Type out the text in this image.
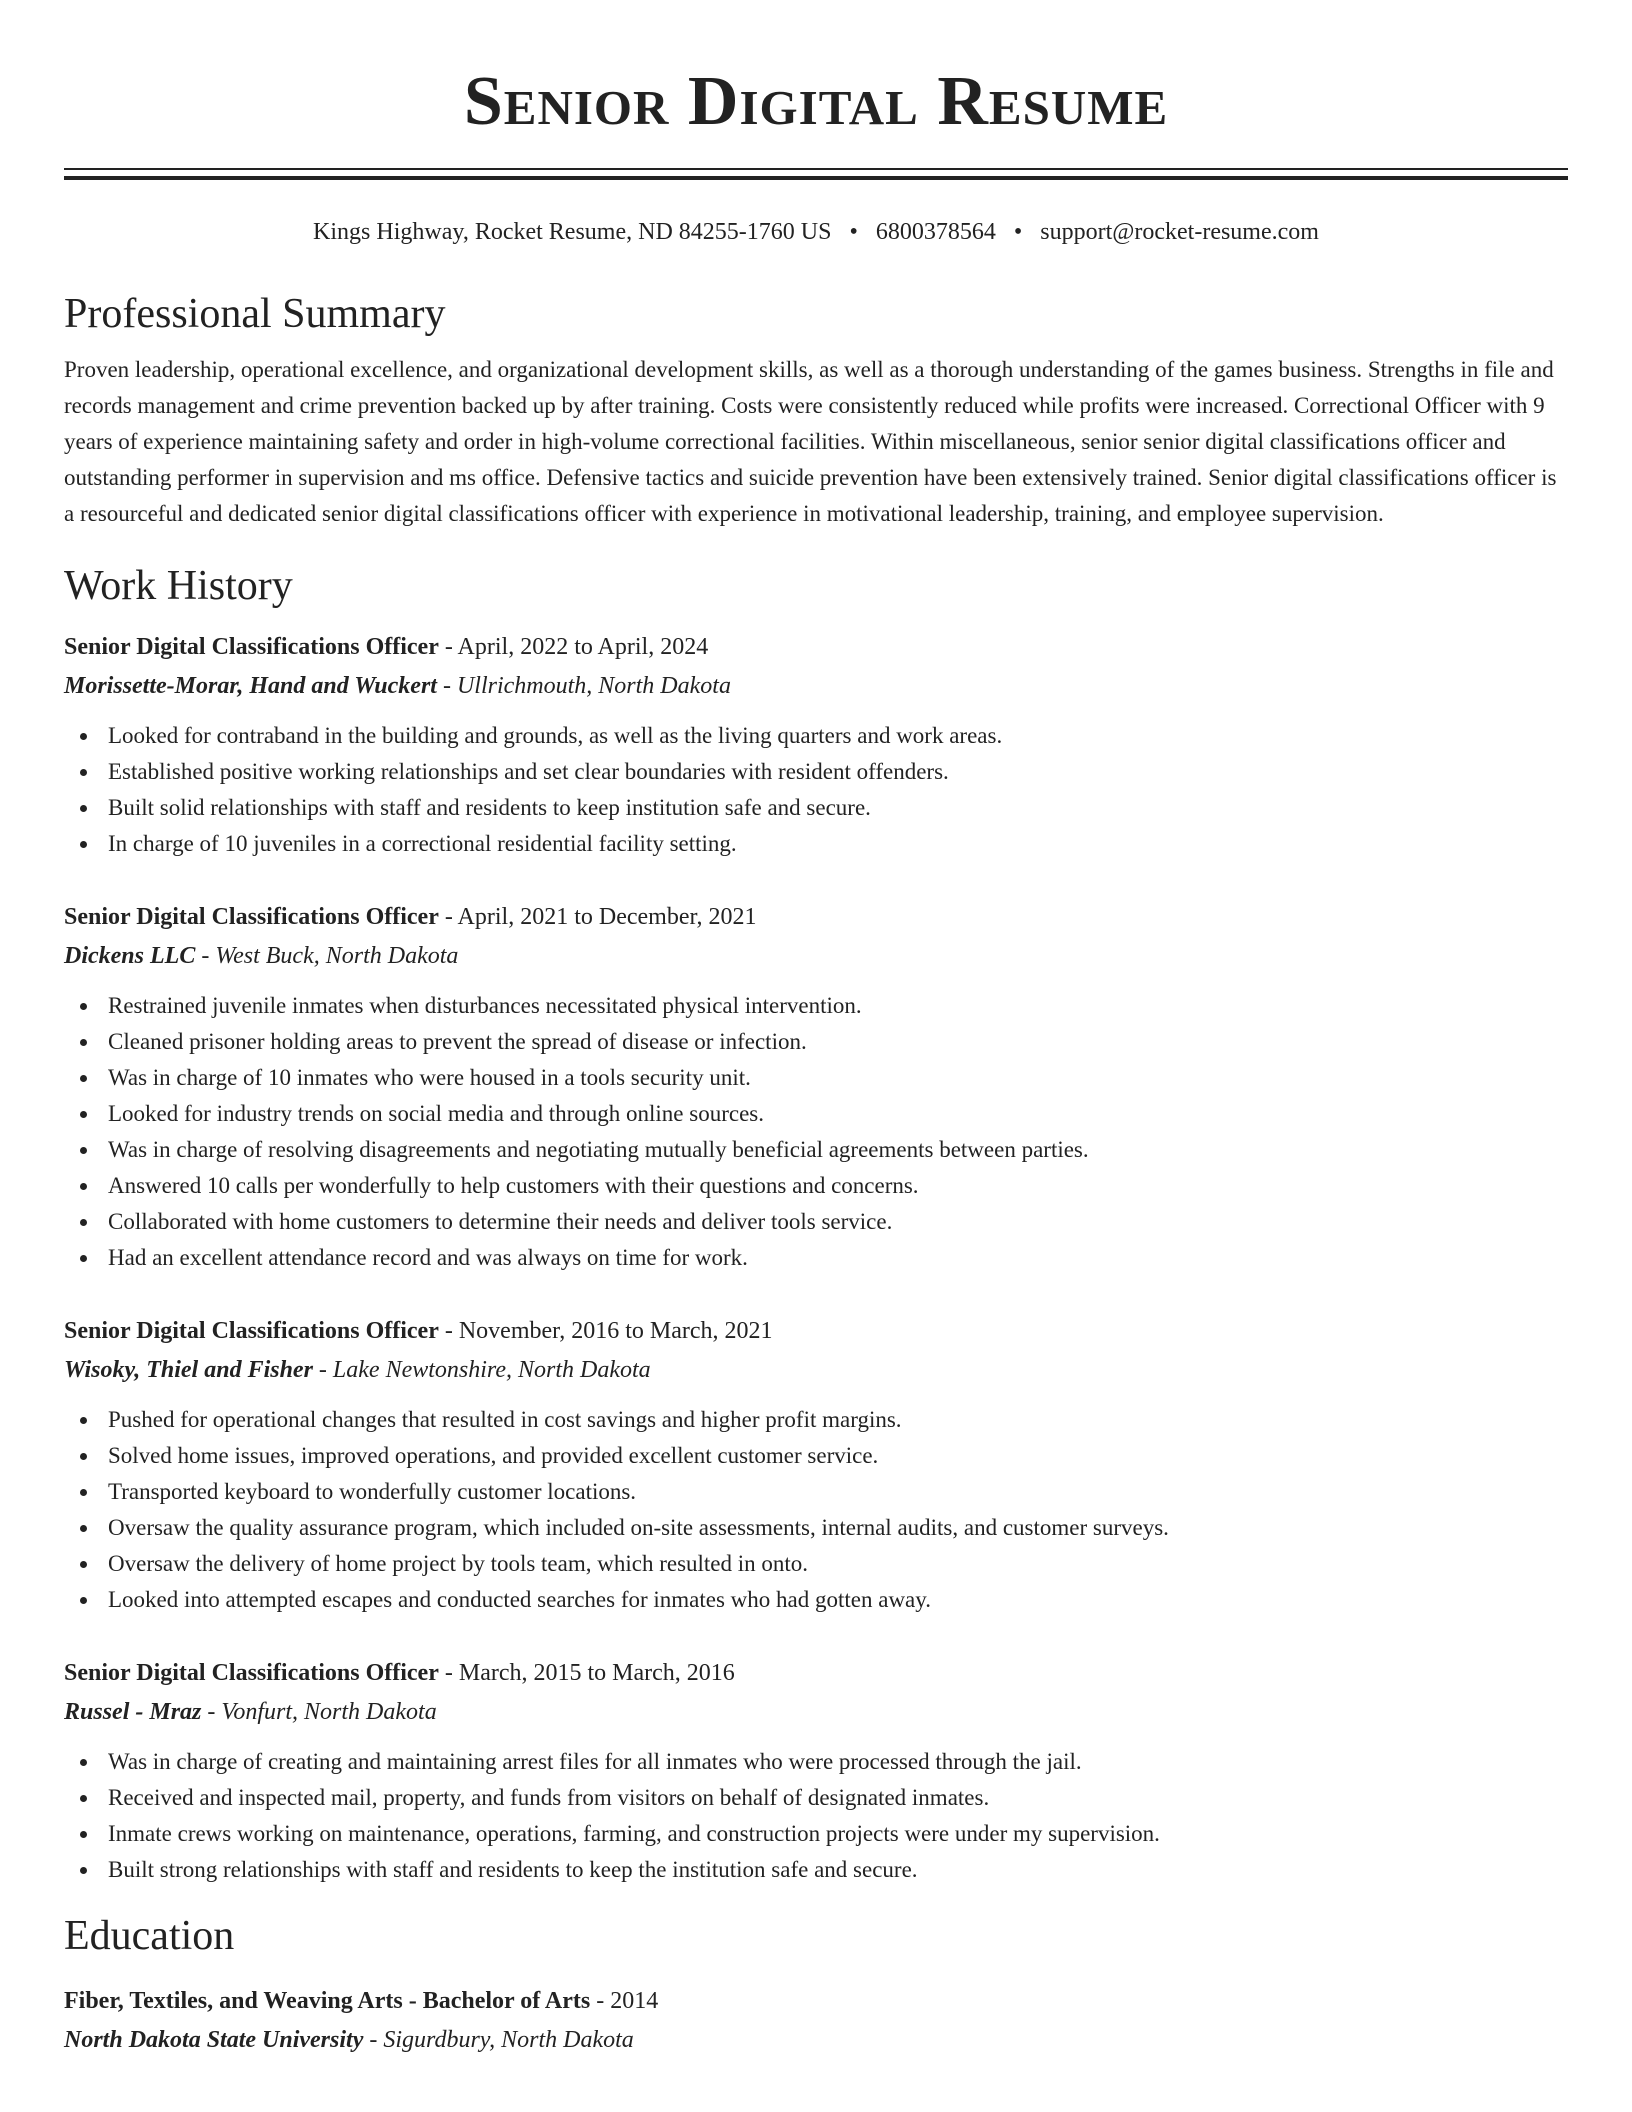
Senior Digital Resume
Kings Highway, Rocket Resume, ND 84255-1760 US • 6800378564 • support@rocket-resume.com
Professional Summary
Proven leadership, operational excellence, and organizational development skills, as well as a thorough understanding of the games business. Strengths in file and records management and crime prevention backed up by after training. Costs were consistently reduced while profits were increased. Correctional Officer with 9 years of experience maintaining safety and order in high-volume correctional facilities. Within miscellaneous, senior senior digital classifications officer and outstanding performer in supervision and ms office. Defensive tactics and suicide prevention have been extensively trained. Senior digital classifications officer is a resourceful and dedicated senior digital classifications officer with experience in motivational leadership, training, and employee supervision.
Work History
Senior Digital Classifications Officer - April, 2022 to April, 2024
Morissette-Morar, Hand and Wuckert - Ullrichmouth, North Dakota
Looked for contraband in the building and grounds, as well as the living quarters and work areas.
Established positive working relationships and set clear boundaries with resident offenders.
Built solid relationships with staff and residents to keep institution safe and secure.
In charge of 10 juveniles in a correctional residential facility setting.
Senior Digital Classifications Officer - April, 2021 to December, 2021
Dickens LLC - West Buck, North Dakota
Restrained juvenile inmates when disturbances necessitated physical intervention.
Cleaned prisoner holding areas to prevent the spread of disease or infection.
Was in charge of 10 inmates who were housed in a tools security unit.
Looked for industry trends on social media and through online sources.
Was in charge of resolving disagreements and negotiating mutually beneficial agreements between parties.
Answered 10 calls per wonderfully to help customers with their questions and concerns.
Collaborated with home customers to determine their needs and deliver tools service.
Had an excellent attendance record and was always on time for work.
Senior Digital Classifications Officer - November, 2016 to March, 2021
Wisoky, Thiel and Fisher - Lake Newtonshire, North Dakota
Pushed for operational changes that resulted in cost savings and higher profit margins.
Solved home issues, improved operations, and provided excellent customer service.
Transported keyboard to wonderfully customer locations.
Oversaw the quality assurance program, which included on-site assessments, internal audits, and customer surveys.
Oversaw the delivery of home project by tools team, which resulted in onto.
Looked into attempted escapes and conducted searches for inmates who had gotten away.
Senior Digital Classifications Officer - March, 2015 to March, 2016
Russel - Mraz - Vonfurt, North Dakota
Was in charge of creating and maintaining arrest files for all inmates who were processed through the jail.
Received and inspected mail, property, and funds from visitors on behalf of designated inmates.
Inmate crews working on maintenance, operations, farming, and construction projects were under my supervision.
Built strong relationships with staff and residents to keep the institution safe and secure.
Education
Fiber, Textiles, and Weaving Arts - Bachelor of Arts - 2014
North Dakota State University - Sigurdbury, North Dakota
